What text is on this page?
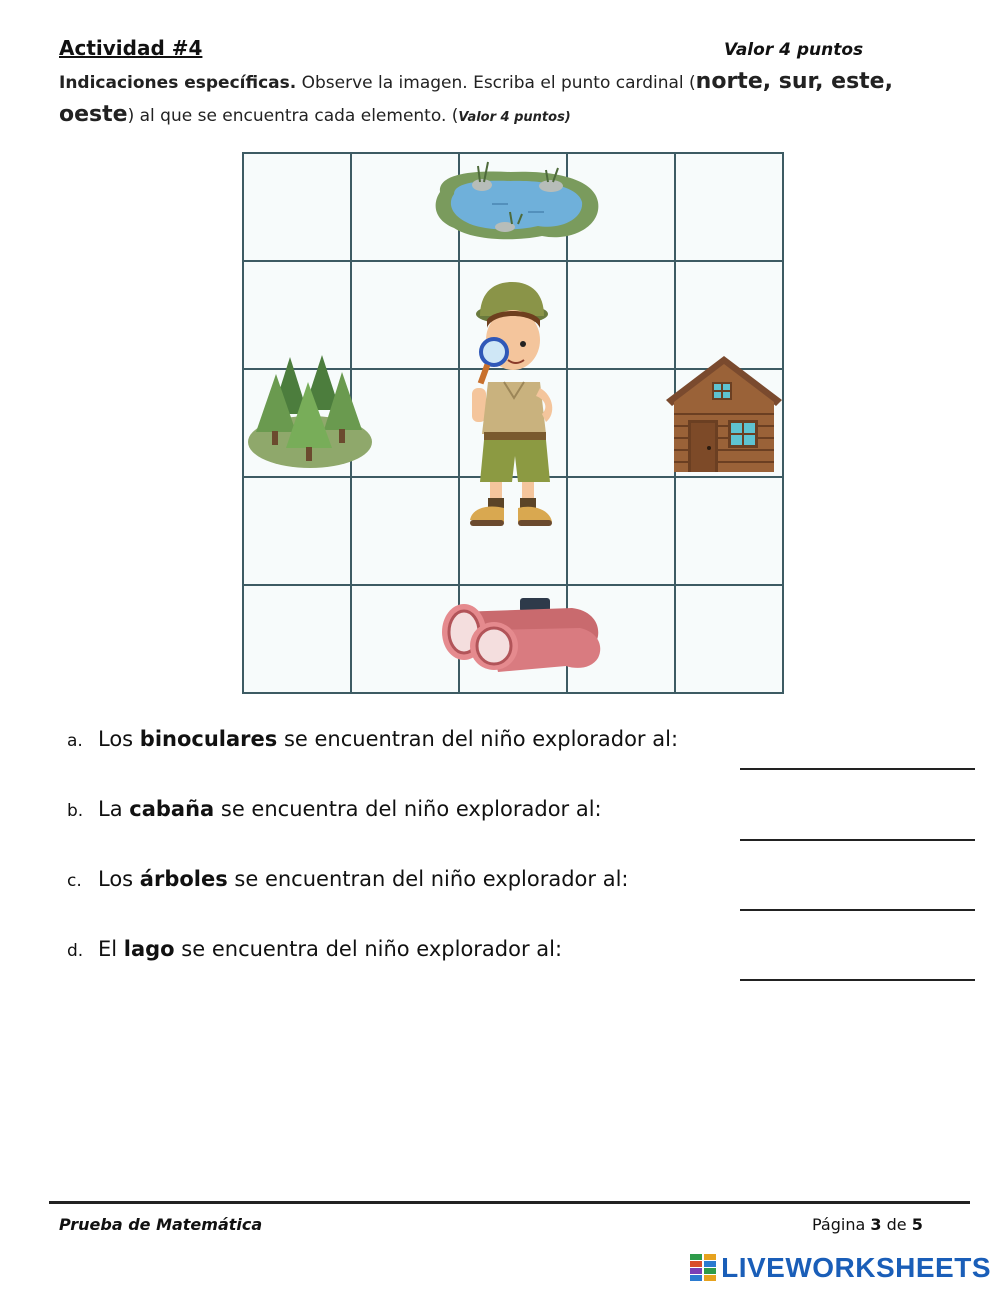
Actividad #4	Valor 4 puntos
Indicaciones específicas. Observe la imagen. Escriba el punto cardinal (norte, sur, este,
oeste) al que se encuentra cada elemento. (Valor 4 puntos)
a. Los binoculares se encuentran del niño explorador al:
b. La cabaña se encuentra del niño explorador al:
c. Los árboles se encuentran del niño explorador al:
d. El lago se encuentra del niño explorador al:
Prueba de Matemática	Página 3 de 5
LIVEWORKSHEETS
